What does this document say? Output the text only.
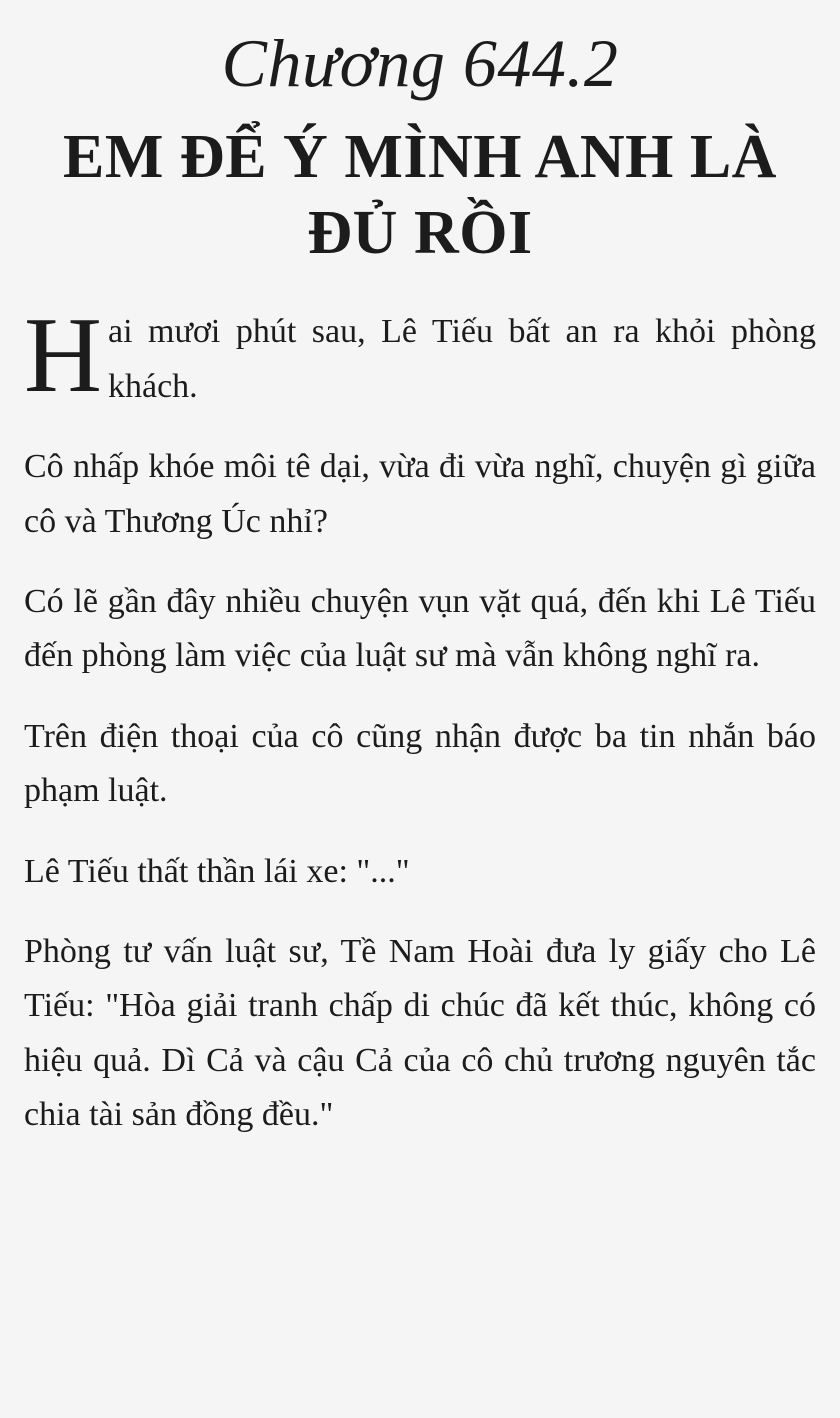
Chương 644.2
EM ĐỂ Ý MÌNH ANH LÀ ĐỦ RỒI

Hai mươi phút sau, Lê Tiếu bất an ra khỏi phòng khách.

Cô nhấp khóe môi tê dại, vừa đi vừa nghĩ, chuyện gì giữa cô và Thương Úc nhỉ?

Có lẽ gần đây nhiều chuyện vụn vặt quá, đến khi Lê Tiếu đến phòng làm việc của luật sư mà vẫn không nghĩ ra.

Trên điện thoại của cô cũng nhận được ba tin nhắn báo phạm luật.

Lê Tiếu thất thần lái xe: "..."

Phòng tư vấn luật sư, Tề Nam Hoài đưa ly giấy cho Lê Tiếu: "Hòa giải tranh chấp di chúc đã kết thúc, không có hiệu quả. Dì Cả và cậu Cả của cô chủ trương nguyên tắc chia tài sản đồng đều."
